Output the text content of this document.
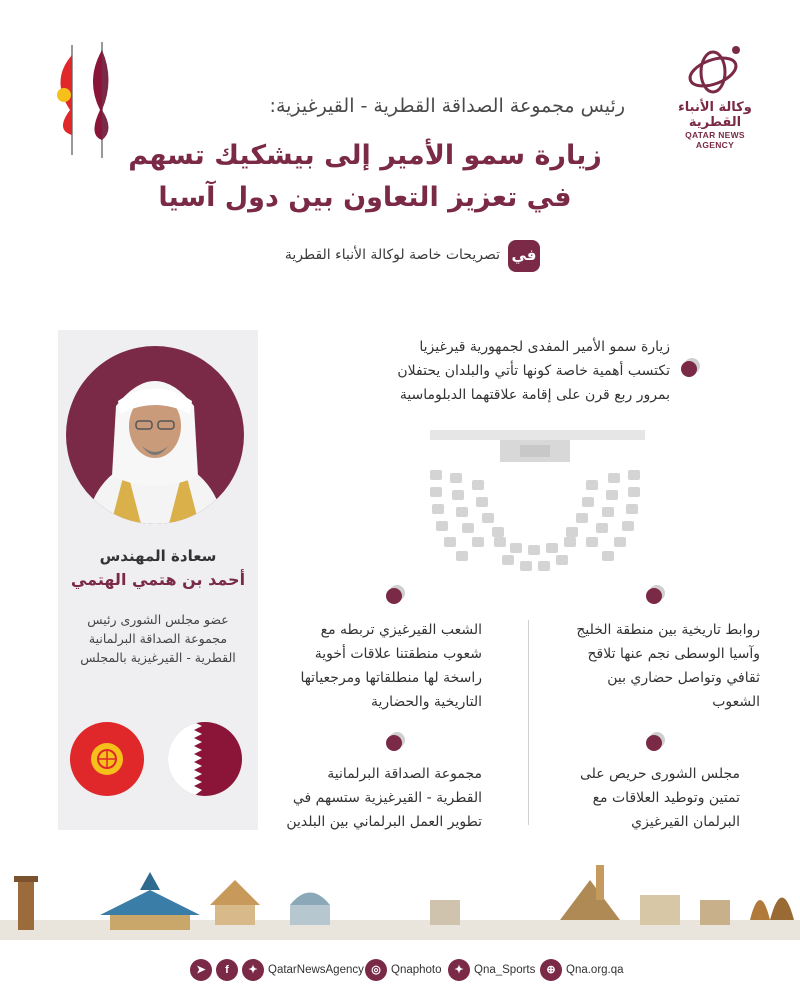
وكالة الأنباء القطرية
QATAR NEWS AGENCY
رئيس مجموعة الصداقة القطرية - القيرغيزية:
زيارة سمو الأمير إلى بيشكيك تسهم
في تعزيز التعاون بين دول آسيا
في
تصريحات خاصة لوكالة الأنباء القطرية
سعادة المهندس
أحمد بن هتمي الهتمي
عضو مجلس الشورى رئيس
مجموعة الصداقة البرلمانية
القطرية - القيرغيزية بالمجلس
زيارة سمو الأمير المفدى لجمهورية قيرغيزيا
تكتسب أهمية خاصة كونها تأتي والبلدان يحتفلان
بمرور ربع قرن على إقامة علاقتهما الدبلوماسية
روابط تاريخية بين منطقة الخليج
وآسيا الوسطى نجم عنها تلاقح
ثقافي وتواصل حضاري بين
الشعوب
الشعب القيرغيزي تربطه مع
شعوب منطقتنا علاقات أخوية
راسخة لها منطلقاتها ومرجعياتها
التاريخية والحضارية
مجلس الشورى حريص على
تمتين وتوطيد العلاقات مع
البرلمان القيرغيزي
مجموعة الصداقة البرلمانية
القطرية - القيرغيزية ستسهم في
تطوير العمل البرلماني بين البلدين
➤	f	✦ QatarNewsAgency ◎ Qnaphoto	✦ Qna_Sports	⊕ Qna.org.qa
